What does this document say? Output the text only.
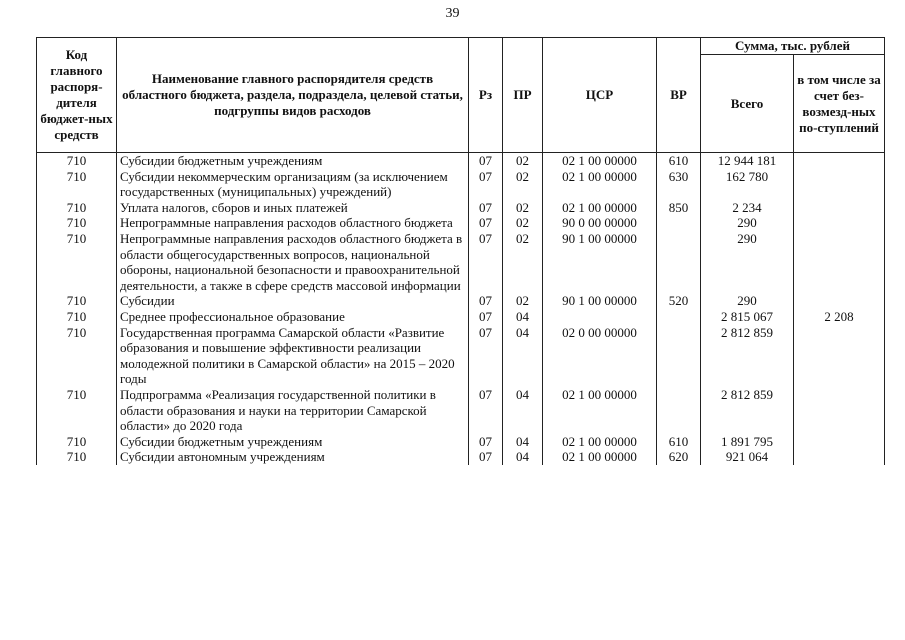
39
Код главного распоря-дителя бюджет-ных средств	Наименование главного распорядителя средств областного бюджета, раздела, подраздела, целевой статьи, подгруппы видов расходов	Рз	ПР	ЦСР	ВР	Сумма, тыс. рублей	
						Всего	в том числе за счет без-возмезд-ных по-ступлений
710	Субсидии бюджетным учреждениям	07	02	02 1 00 00000	610	12 944 181	
710	Субсидии некоммерческим организациям (за исключением государственных (муниципальных) учреждений)	07	02	02 1 00 00000	630	162 780	
710	Уплата налогов, сборов и иных платежей	07	02	02 1 00 00000	850	2 234	
710	Непрограммные направления расходов областного бюджета	07	02	90 0 00 00000		290	
710	Непрограммные направления расходов областного бюджета в области общегосударственных вопросов, национальной обороны, национальной безопасности и правоохранительной деятельности, а также в сфере средств массовой информации	07	02	90 1 00 00000		290	
710	Субсидии	07	02	90 1 00 00000	520	290	
710	Среднее профессиональное образование	07	04			2 815 067	2 208
710	Государственная программа Самарской области «Развитие образования и повышение эффективности реализации молодежной политики в Самарской области» на 2015 – 2020 годы	07	04	02 0 00 00000		2 812 859	
710	Подпрограмма «Реализация государственной политики в области образования и науки на территории Самарской области» до 2020 года	07	04	02 1 00 00000		2 812 859	
710	Субсидии бюджетным учреждениям	07	04	02 1 00 00000	610	1 891 795	
710	Субсидии автономным учреждениям	07	04	02 1 00 00000	620	921 064	
